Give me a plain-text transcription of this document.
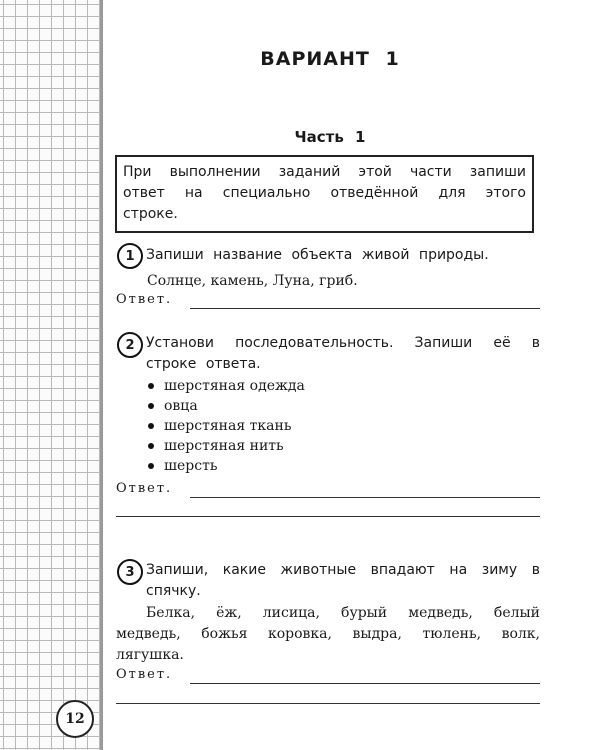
12
ВАРИАНТ 1
Часть 1
При выполнении заданий этой части запиши ответ на специально отведённой для этого строке.
1 Запиши название объекта живой природы.
Солнце, камень, Луна, гриб.
Ответ.
2 Установи последовательность. Запиши её в строке ответа.
шерстяная одежда
овца
шерстяная ткань
шерстяная нить
шерсть
Ответ.
3 Запиши, какие животные впадают на зиму в спячку.
Белка, ёж, лисица, бурый медведь, белый медведь, божья коровка, выдра, тюлень, волк, лягушка.
Ответ.
